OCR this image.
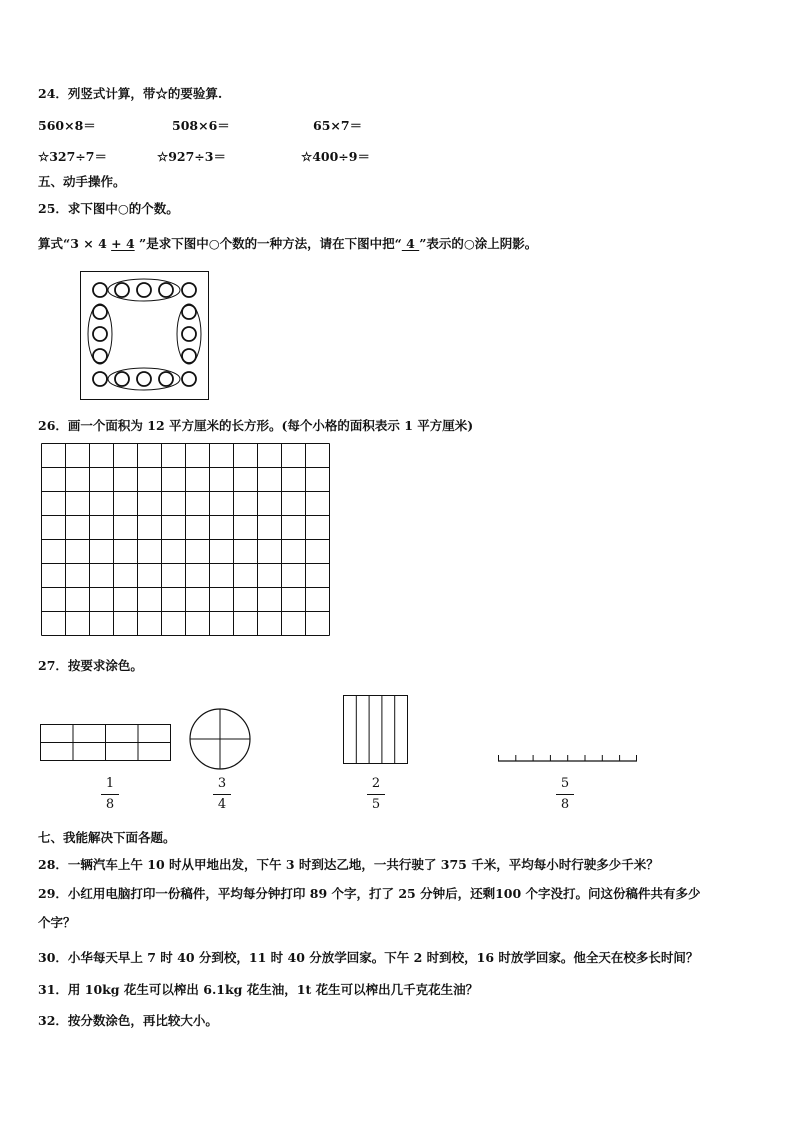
24．列竖式计算，带☆的要验算.
560×8＝	508×6＝	65×7＝
☆327÷7＝	☆927÷3＝	☆400÷9＝
五、动手操作。
25．求下图中○的个数。
算式“3 × 4 + 4 ”是求下图中○个数的一种方法，请在下图中把“ 4 ”表示的○涂上阴影。
26．画一个面积为 12 平方厘米的长方形。(每个小格的面积表示 1 平方厘米)
27．按要求涂色。
1
8
3
4
2
5
5
8
七、我能解决下面各题。
28．一辆汽车上午 10 时从甲地出发，下午 3 时到达乙地，一共行驶了 375 千米，平均每小时行驶多少千米？
29．小红用电脑打印一份稿件，平均每分钟打印 89 个字，打了 25 分钟后，还剩100 个字没打。问这份稿件共有多少
个字？
30．小华每天早上 7 时 40 分到校，11 时 40 分放学回家。下午 2 时到校，16 时放学回家。他全天在校多长时间？
31．用 10kg 花生可以榨出 6.1kg 花生油，1t 花生可以榨出几千克花生油？
32．按分数涂色，再比较大小。
